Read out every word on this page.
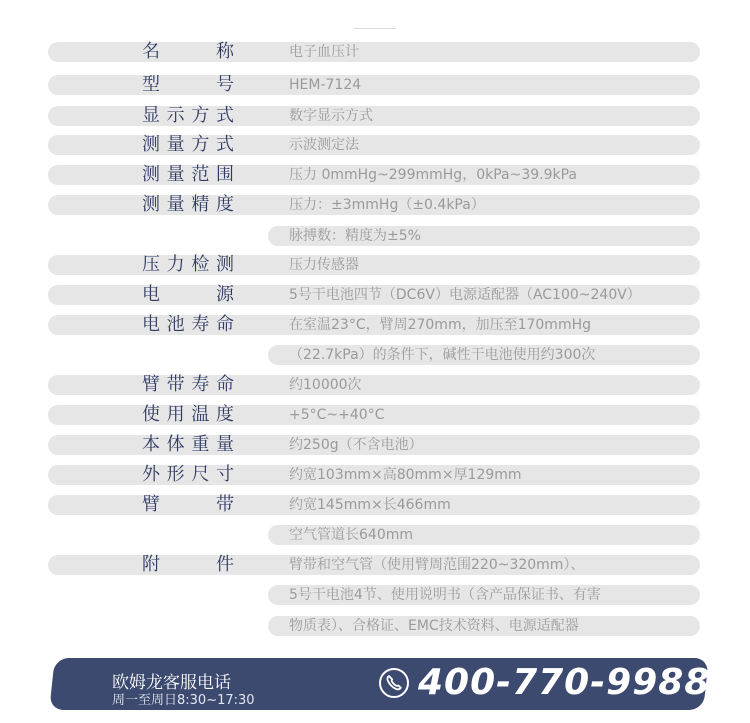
名称	电子血压计
型号	HEM-7124
显示方式	数字显示方式
测量方式	示波测定法
测量范围	压力 0mmHg~299mmHg，0kPa~39.9kPa
测量精度	压力：±3mmHg（±0.4kPa）
脉搏数：精度为±5%
压力检测	压力传感器
电源	5号干电池四节（DC6V）电源适配器（AC100~240V）
电池寿命	在室温23°C，臂周270mm，加压至170mmHg
（22.7kPa）的条件下，碱性干电池使用约300次
臂带寿命	约10000次
使用温度	+5°C~+40°C
本体重量	约250g（不含电池）
外形尺寸	约宽103mm×高80mm×厚129mm
臂带	约宽145mm×长466mm
空气管道长640mm
附件	臂带和空气管（使用臂周范围220~320mm）、
5号干电池4节、使用说明书（含产品保证书、有害
物质表）、合格证、EMC技术资料、电源适配器
欧姆龙客服电话
周一至周日8:30~17:30	400-770-9988
